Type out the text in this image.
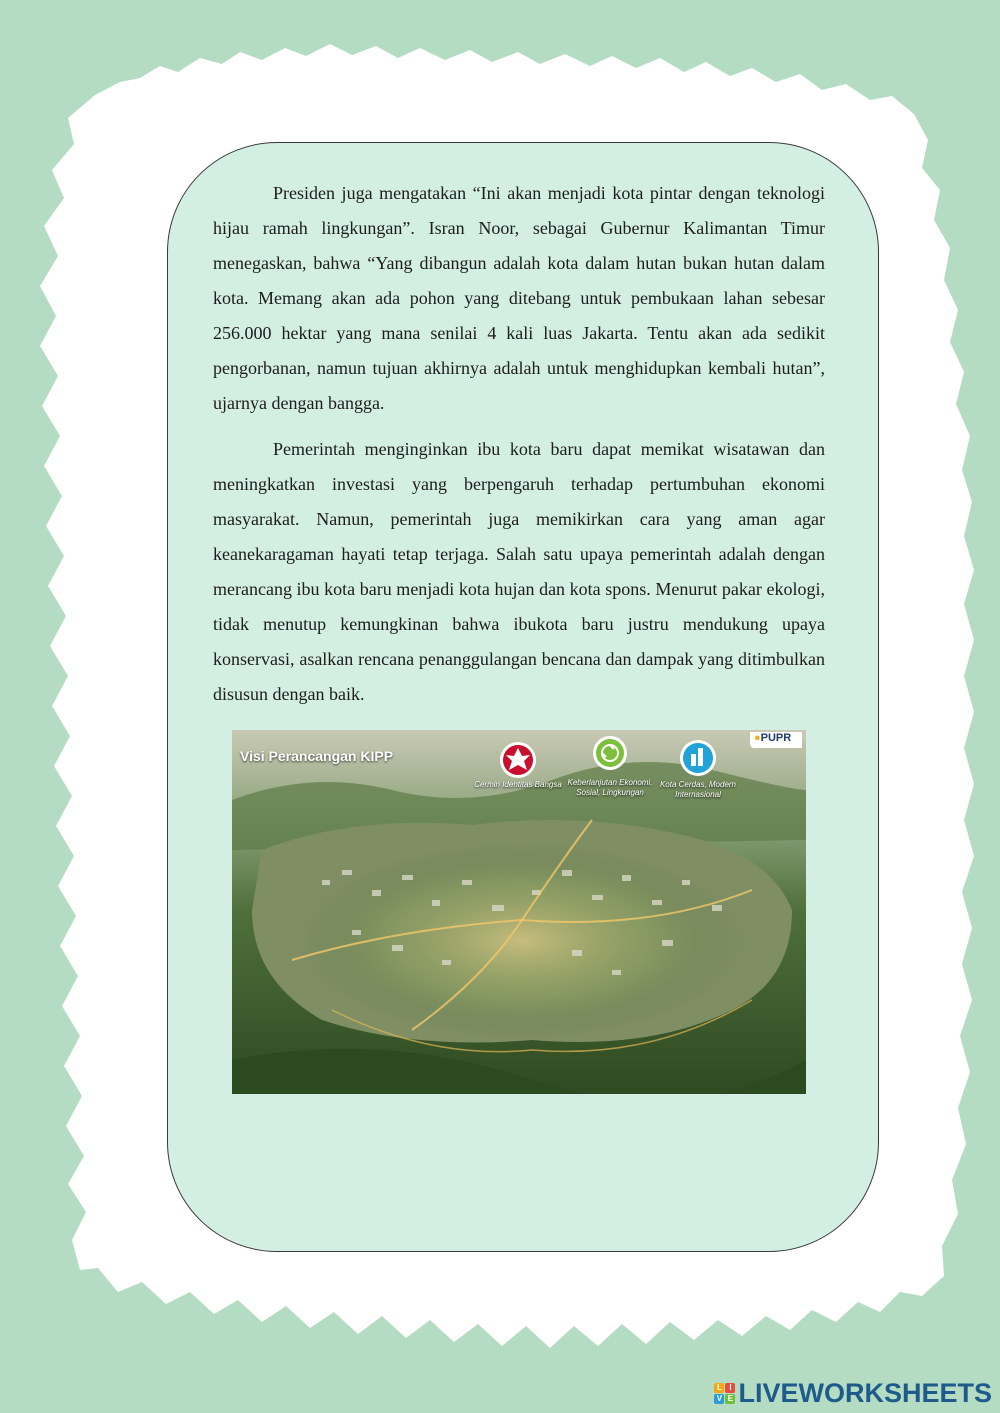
Presiden juga mengatakan “Ini akan menjadi kota pintar dengan teknologi hijau ramah lingkungan”. Isran Noor, sebagai Gubernur Kalimantan Timur menegaskan, bahwa “Yang dibangun adalah kota dalam hutan bukan hutan dalam kota. Memang akan ada pohon yang ditebang untuk pembukaan lahan sebesar 256.000 hektar yang mana senilai 4 kali luas Jakarta. Tentu akan ada sedikit pengorbanan, namun tujuan akhirnya adalah untuk menghidupkan kembali hutan”, ujarnya dengan bangga.

Pemerintah menginginkan ibu kota baru dapat memikat wisatawan dan meningkatkan investasi yang berpengaruh terhadap pertumbuhan ekonomi masyarakat. Namun, pemerintah juga memikirkan cara yang aman agar keanekaragaman hayati tetap terjaga. Salah satu upaya pemerintah adalah dengan merancang ibu kota baru menjadi kota hujan dan kota spons. Menurut pakar ekologi, tidak menutup kemungkinan bahwa ibukota baru justru mendukung upaya konservasi, asalkan rencana penanggulangan bencana dan dampak yang ditimbulkan disusun dengan baik.

Visi Perancangan KIPP
●PUPR
Cermin Identitas Bangsa Keberlanjutan Ekonomi, Sosial, Lingkungan
Kota Cerdas, Modern Internasional
L I
V E LIVEWORKSHEETS
